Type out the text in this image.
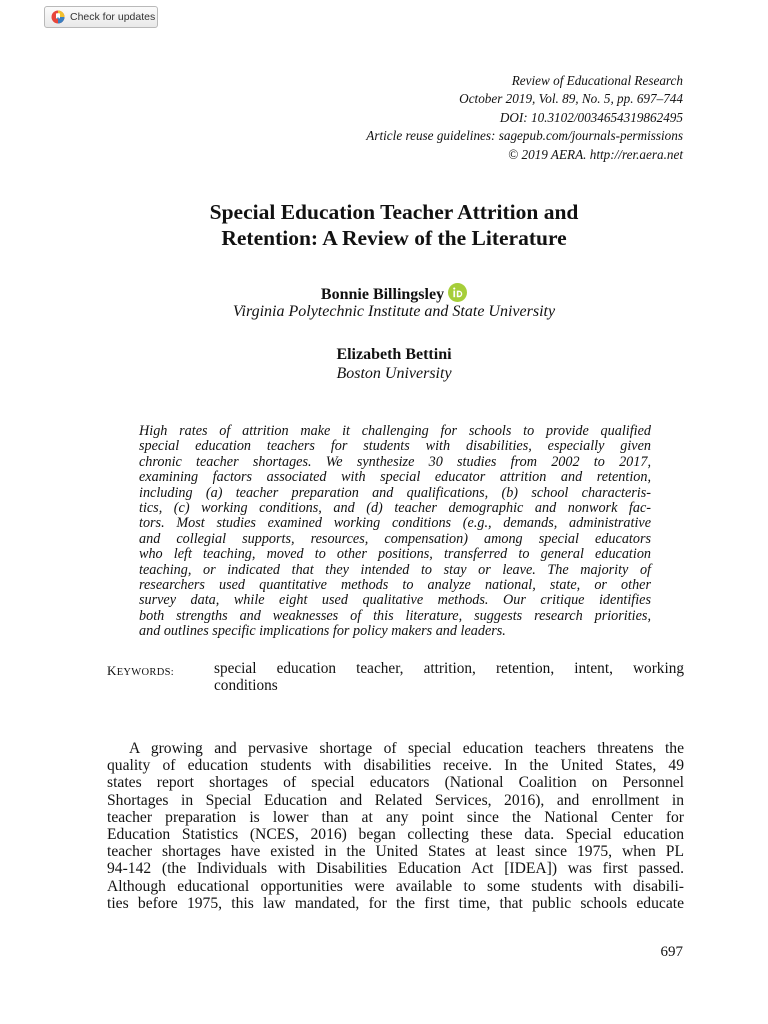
Check for updates
Review of Educational Research
October 2019, Vol. 89, No. 5, pp. 697–744
DOI: 10.3102/0034654319862495
Article reuse guidelines: sagepub.com/journals-permissions
© 2019 AERA. http://rer.aera.net
Special Education Teacher Attrition and
Retention: A Review of the Literature
Bonnie Billingsley
Virginia Polytechnic Institute and State University
Elizabeth Bettini
Boston University
High rates of attrition make it challenging for schools to provide qualified
special education teachers for students with disabilities, especially given
chronic teacher shortages. We synthesize 30 studies from 2002 to 2017,
examining factors associated with special educator attrition and retention,
including (a) teacher preparation and qualifications, (b) school characteris-
tics, (c) working conditions, and (d) teacher demographic and nonwork fac-
tors. Most studies examined working conditions (e.g., demands, administrative
and collegial supports, resources, compensation) among special educators
who left teaching, moved to other positions, transferred to general education
teaching, or indicated that they intended to stay or leave. The majority of
researchers used quantitative methods to analyze national, state, or other
survey data, while eight used qualitative methods. Our critique identifies
both strengths and weaknesses of this literature, suggests research priorities,
and outlines specific implications for policy makers and leaders.
KEYWORDS:	special education teacher, attrition, retention, intent, working
conditions
A growing and pervasive shortage of special education teachers threatens the
quality of education students with disabilities receive. In the United States, 49
states report shortages of special educators (National Coalition on Personnel
Shortages in Special Education and Related Services, 2016), and enrollment in
teacher preparation is lower than at any point since the National Center for
Education Statistics (NCES, 2016) began collecting these data. Special education
teacher shortages have existed in the United States at least since 1975, when PL
94-142 (the Individuals with Disabilities Education Act [IDEA]) was first passed.
Although educational opportunities were available to some students with disabili-
ties before 1975, this law mandated, for the first time, that public schools educate
697
